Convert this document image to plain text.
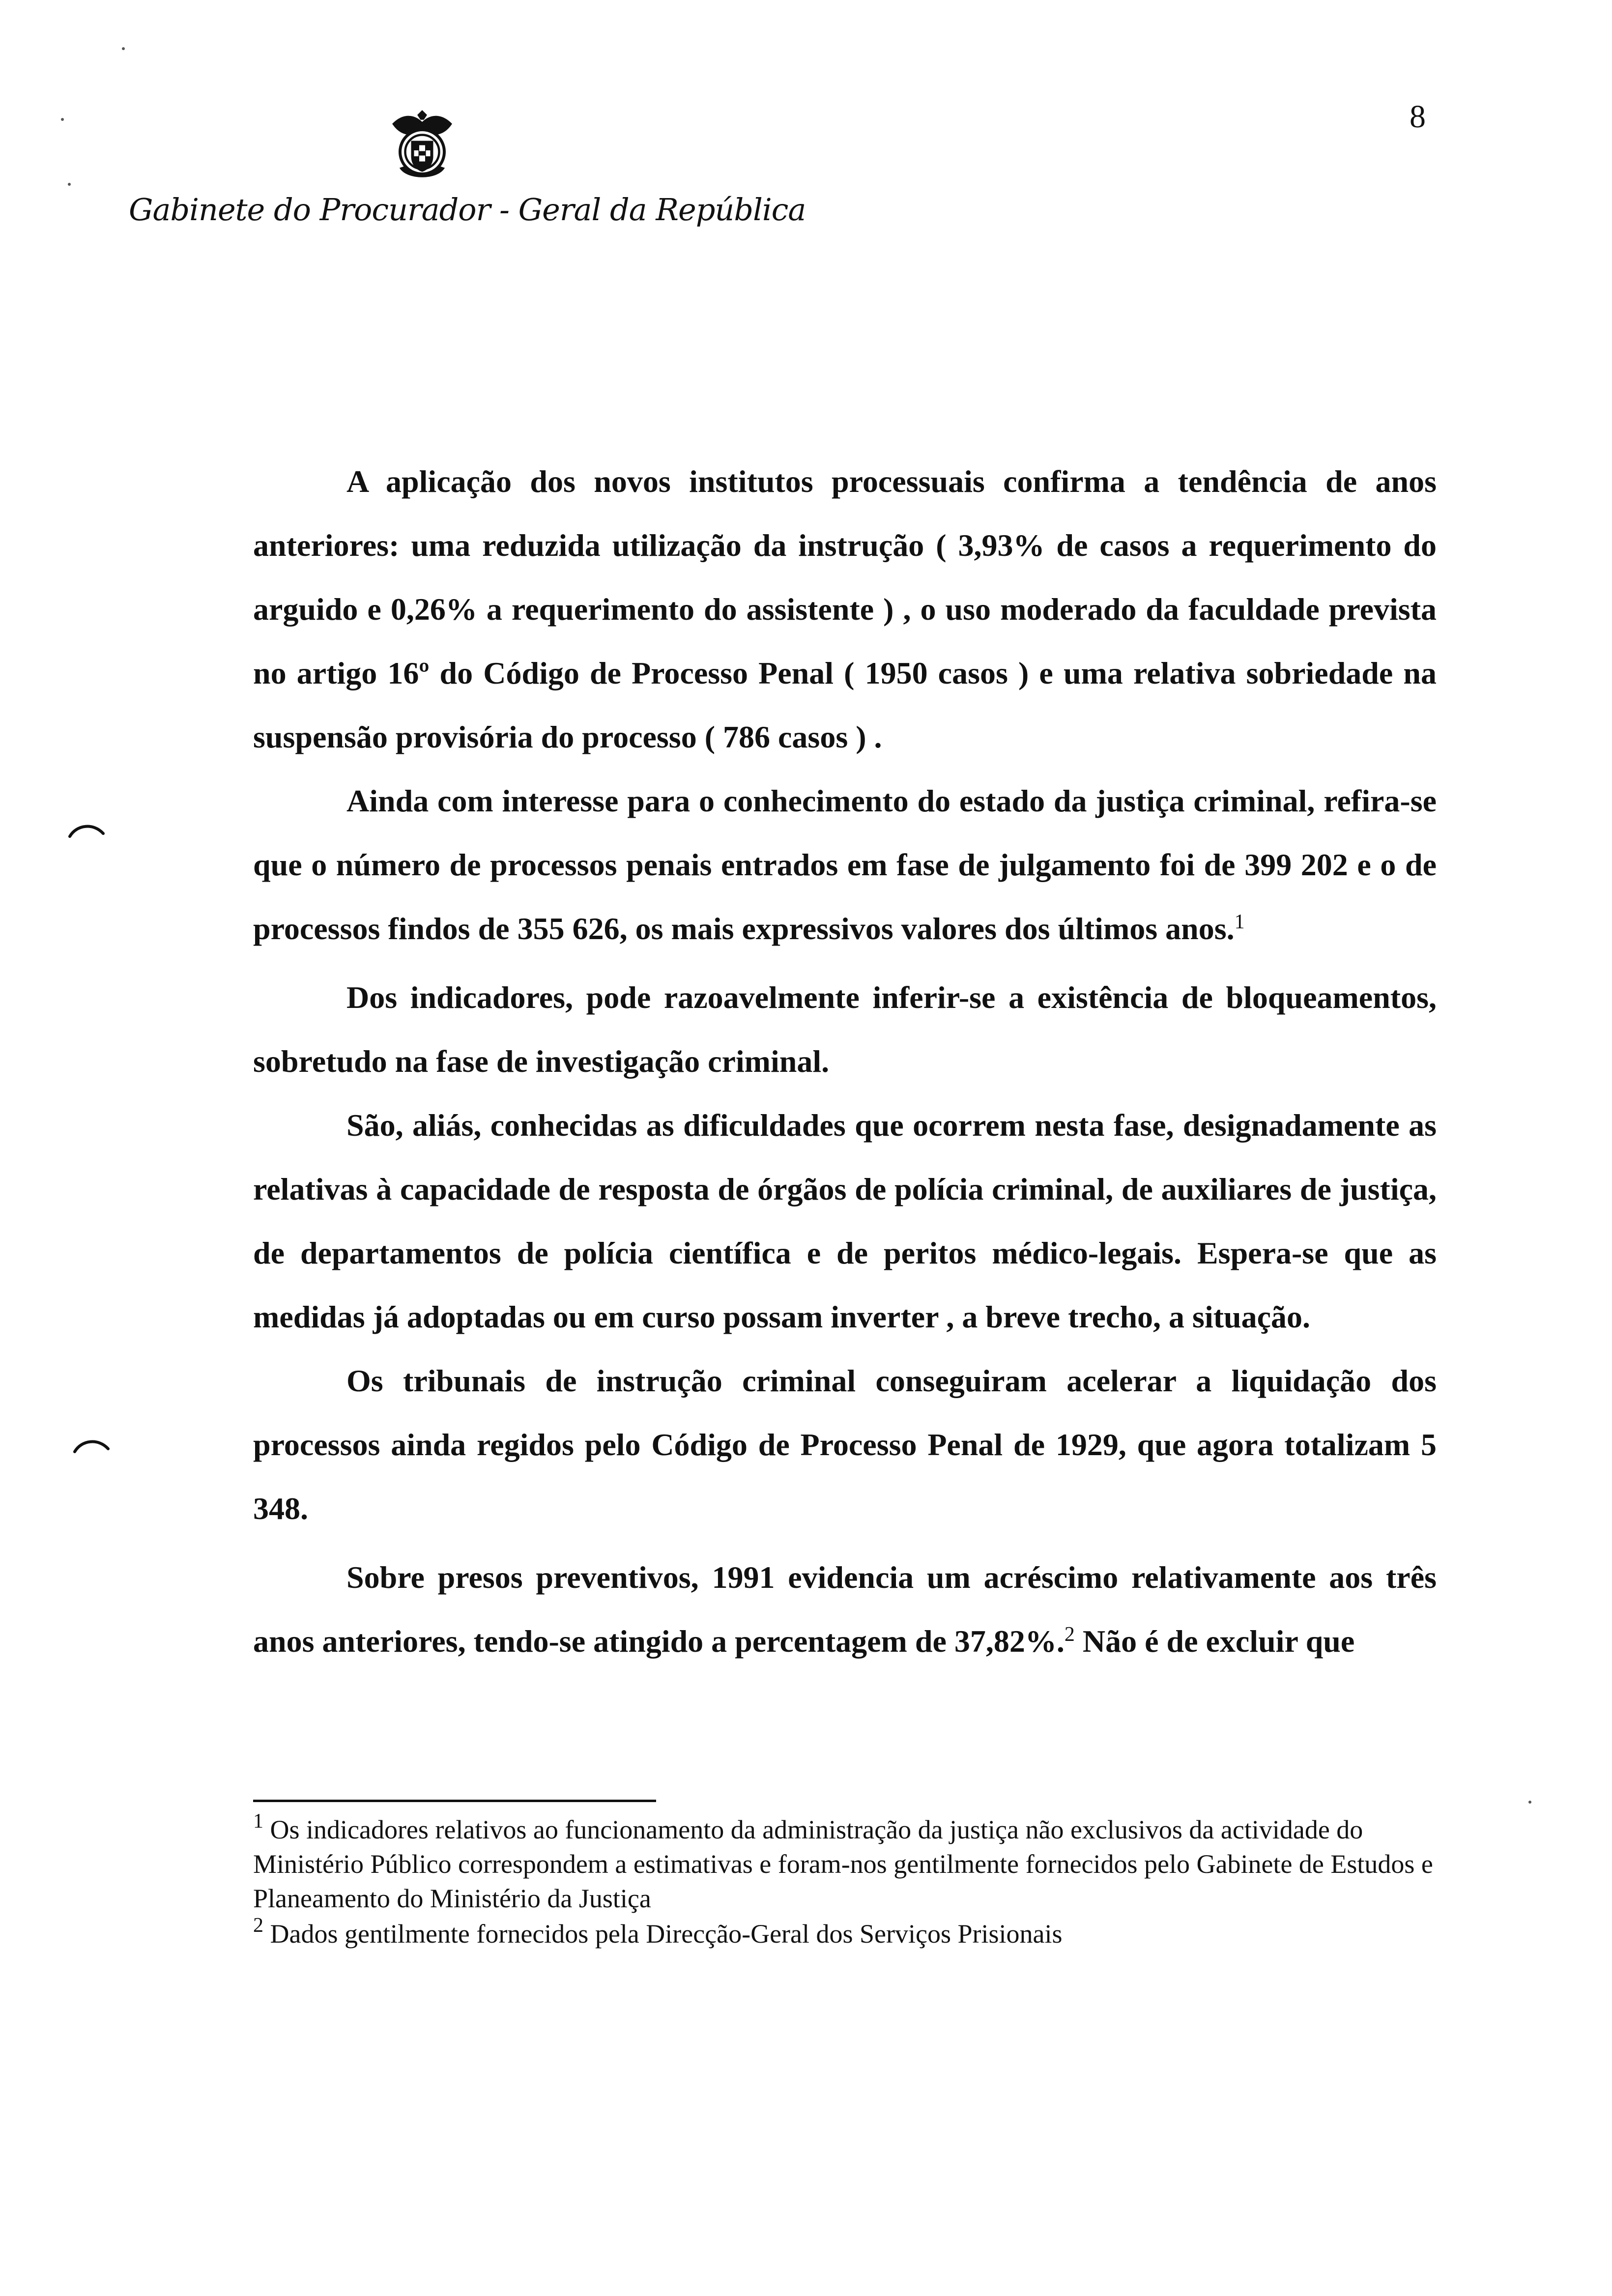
8
Gabinete do Procurador - Geral da República

A aplicação dos novos institutos processuais confirma a tendência de anos anteriores: uma reduzida utilização da instrução ( 3,93% de casos a requerimento do arguido e 0,26% a requerimento do assistente ) , o uso moderado da faculdade prevista no artigo 16º do Código de Processo Penal ( 1950 casos ) e uma relativa sobriedade na suspensão provisória do processo ( 786 casos ) .

Ainda com interesse para o conhecimento do estado da justiça criminal, refira-se que o número de processos penais entrados em fase de julgamento foi de 399 202 e o de processos findos de 355 626, os mais expressivos valores dos últimos anos.$^1$

Dos indicadores, pode razoavelmente inferir-se a existência de bloqueamentos, sobretudo na fase de investigação criminal.

São, aliás, conhecidas as dificuldades que ocorrem nesta fase, designadamente as relativas à capacidade de resposta de órgãos de polícia criminal, de auxiliares de justiça, de departamentos de polícia científica e de peritos médico-legais. Espera-se que as medidas já adoptadas ou em curso possam inverter , a breve trecho, a situação.

Os tribunais de instrução criminal conseguiram acelerar a liquidação dos processos ainda regidos pelo Código de Processo Penal de 1929, que agora totalizam 5 348.

Sobre presos preventivos, 1991 evidencia um acréscimo relativamente aos três anos anteriores, tendo-se atingido a percentagem de 37,82%.$^2$ Não é de excluir que

$^1$ Os indicadores relativos ao funcionamento da administração da justiça não exclusivos da actividade do Ministério Público correspondem a estimativas e foram-nos gentilmente fornecidos pelo Gabinete de Estudos e Planeamento do Ministério da Justiça

$^2$ Dados gentilmente fornecidos pela Direcção-Geral dos Serviços Prisionais
